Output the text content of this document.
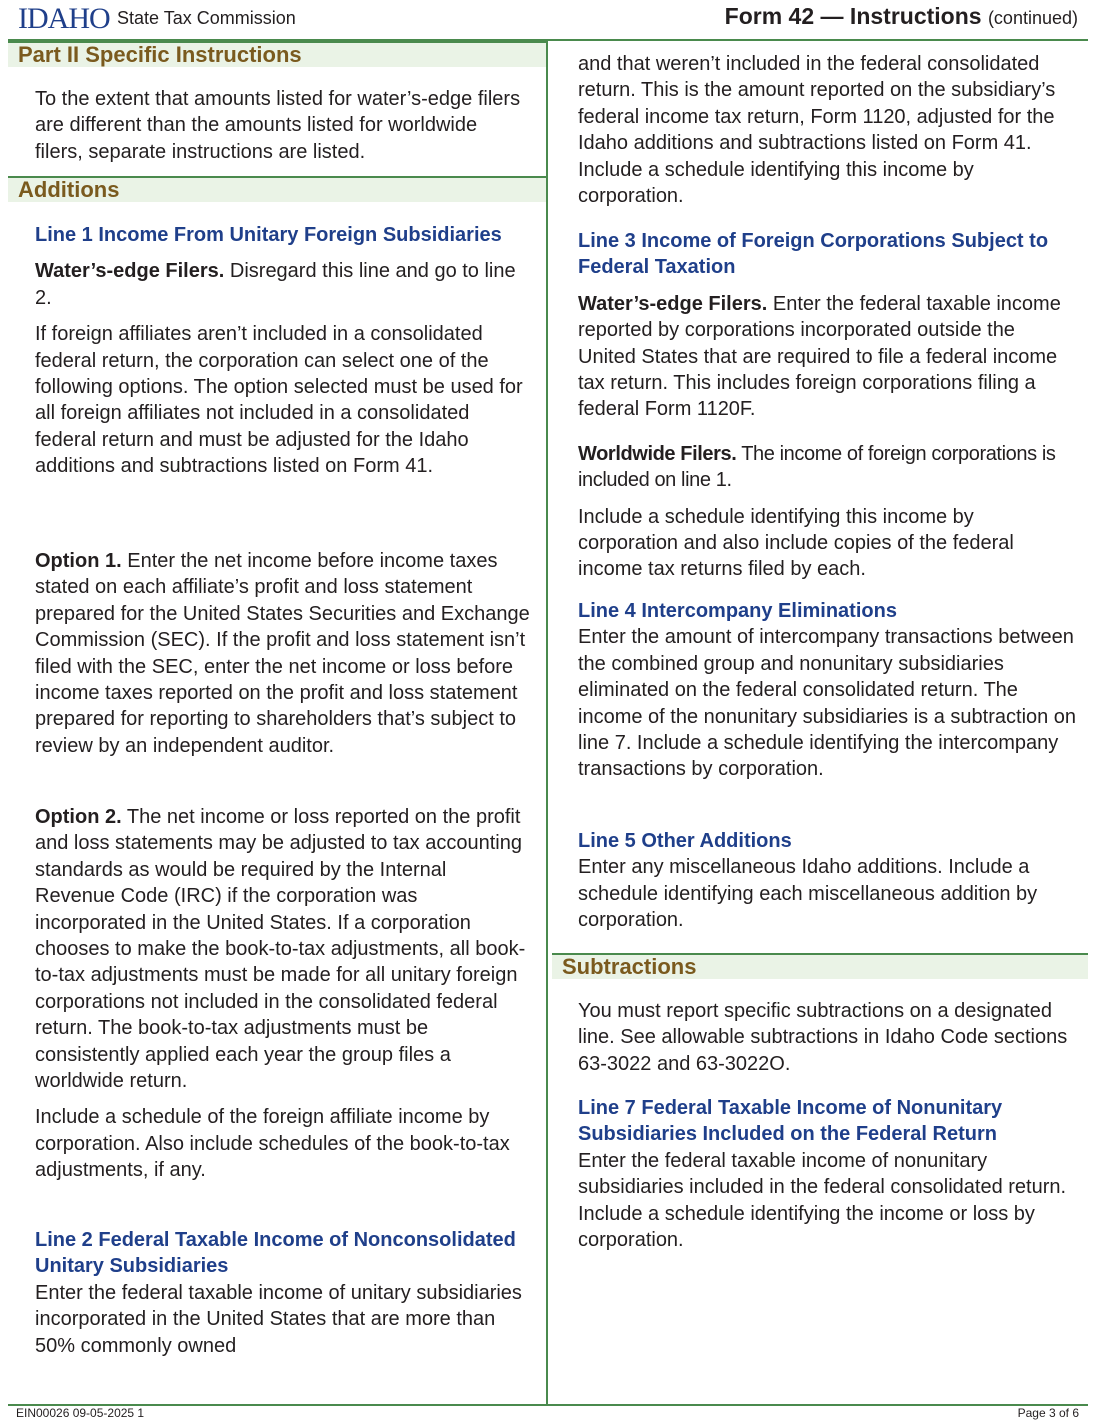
IDAHO State Tax Commission	Form 42 — Instructions (continued)
Part II Specific Instructions
Additions
Subtractions

To the extent that amounts listed for water’s-edge filers are different than the amounts listed for worldwide filers, separate instructions are listed.

Line 1 Income From Unitary Foreign Subsidiaries

Water’s-edge Filers. Disregard this line and go to line 2.

If foreign affiliates aren’t included in a consolidated federal return, the corporation can select one of the following options. The option selected must be used for all foreign affiliates not included in a consolidated federal return and must be adjusted for the Idaho additions and subtractions listed on Form 41.

Option 1. Enter the net income before income taxes stated on each affiliate’s profit and loss statement prepared for the United States Securities and Exchange Commission (SEC). If the profit and loss statement isn’t filed with the SEC, enter the net income or loss before income taxes reported on the profit and loss statement prepared for reporting to shareholders that’s subject to review by an independent auditor.

Option 2. The net income or loss reported on the profit and loss statements may be adjusted to tax accounting standards as would be required by the Internal Revenue Code (IRC) if the corporation was incorporated in the United States. If a corporation chooses to make the book-to-tax adjustments, all book-to-tax adjustments must be made for all unitary foreign corporations not included in the consolidated federal return. The book-to-tax adjustments must be consistently applied each year the group files a worldwide return.

Include a schedule of the foreign affiliate income by corporation. Also include schedules of the book-to-tax adjustments, if any.

Line 2 Federal Taxable Income of Nonconsolidated Unitary Subsidiaries

Enter the federal taxable income of unitary subsidiaries incorporated in the United States that are more than 50% commonly owned

and that weren’t included in the federal consolidated return. This is the amount reported on the subsidiary’s federal income tax return, Form 1120, adjusted for the Idaho additions and subtractions listed on Form 41. Include a schedule identifying this income by corporation.

Line 3 Income of Foreign Corporations Subject to Federal Taxation

Water’s-edge Filers. Enter the federal taxable income reported by corporations incorporated outside the United States that are required to file a federal income tax return. This includes foreign corporations filing a federal Form 1120F.

Worldwide Filers. The income of foreign corporations is included on line 1.

Include a schedule identifying this income by corporation and also include copies of the federal income tax returns filed by each.

Line 4 Intercompany Eliminations

Enter the amount of intercompany transactions between the combined group and nonunitary subsidiaries eliminated on the federal consolidated return. The income of the nonunitary subsidiaries is a subtraction on line 7. Include a schedule identifying the intercompany transactions by corporation.

Line 5 Other Additions

Enter any miscellaneous Idaho additions. Include a schedule identifying each miscellaneous addition by corporation.

You must report specific subtractions on a designated line. See allowable subtractions in Idaho Code sections 63-3022 and 63-3022O.

Line 7 Federal Taxable Income of Nonunitary Subsidiaries Included on the Federal Return

Enter the federal taxable income of nonunitary subsidiaries included in the federal consolidated return. Include a schedule identifying the income or loss by corporation.

EIN00026 09-05-2025 1	Page 3 of 6
